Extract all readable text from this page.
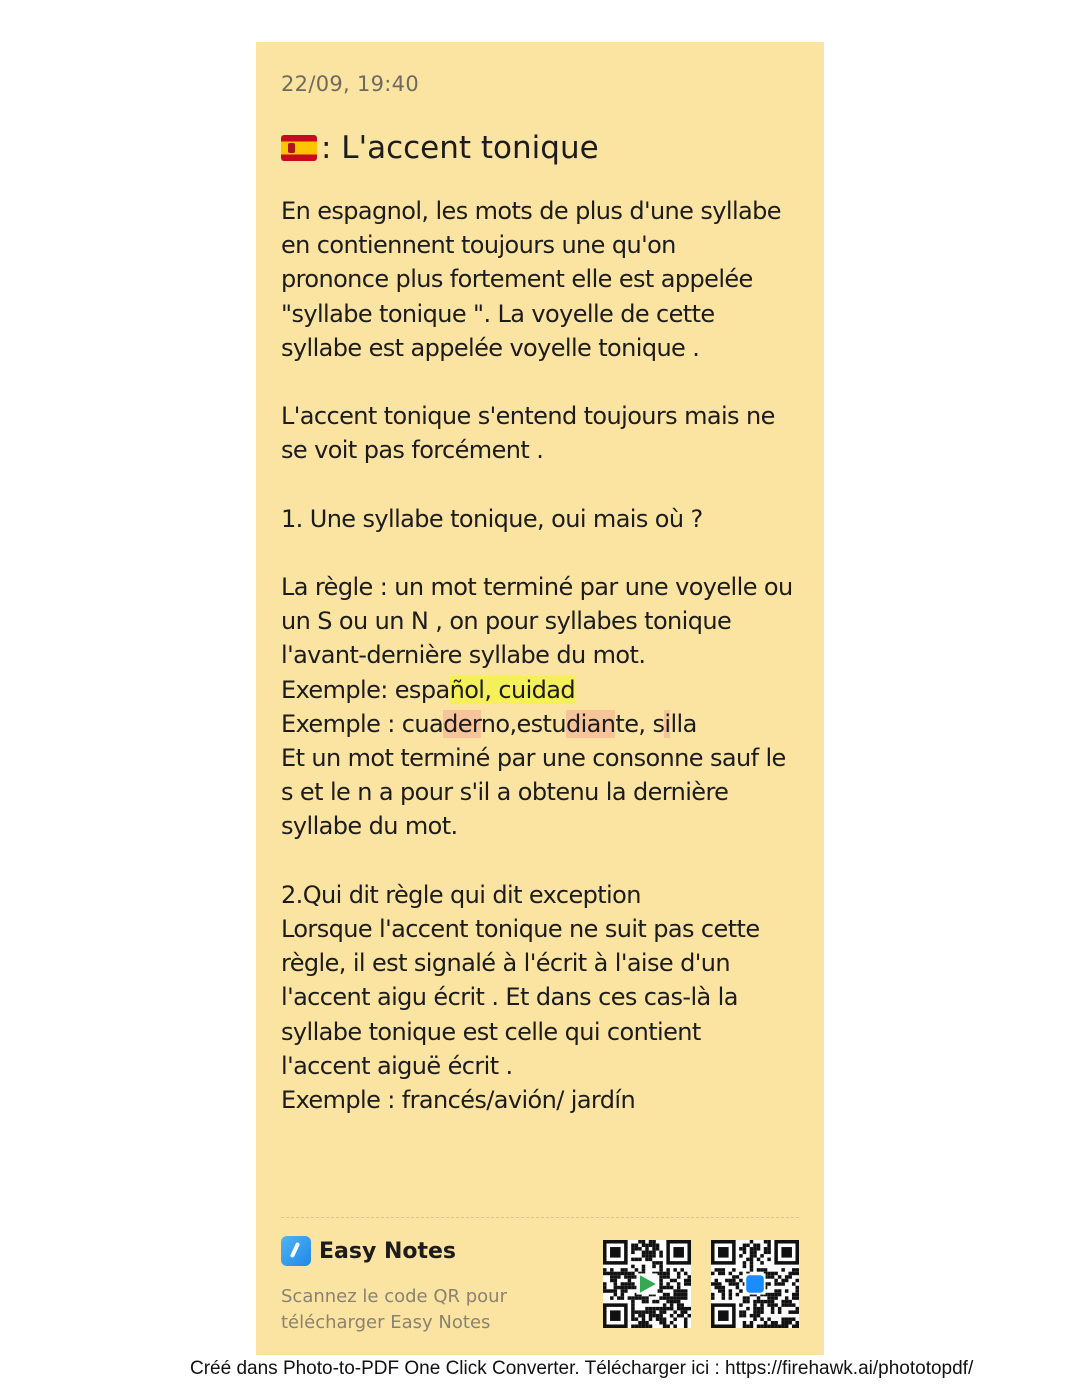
22/09, 19:40
: L'accent tonique
En espagnol, les mots de plus d'une syllabe
en contiennent toujours une qu'on
prononce plus fortement elle est appelée
"syllabe tonique ". La voyelle de cette
syllabe est appelée voyelle tonique .
L'accent tonique s'entend toujours mais ne
se voit pas forcément .
1. Une syllabe tonique, oui mais où ?
La règle : un mot terminé par une voyelle ou
un S ou un N , on pour syllabes tonique
l'avant-dernière syllabe du mot.
Exemple: español, cuidad
Exemple : cuaderno,estudiante, silla
Et un mot terminé par une consonne sauf le
s et le n a pour s'il a obtenu la dernière
syllabe du mot.
2.Qui dit règle qui dit exception
Lorsque l'accent tonique ne suit pas cette
règle, il est signalé à l'écrit à l'aise d'un
l'accent aigu écrit . Et dans ces cas-là la
syllabe tonique est celle qui contient
l'accent aiguë écrit .
Exemple : francés/avión/ jardín
Easy Notes
Scannez le code QR pour
télécharger Easy Notes
Créé dans Photo-to-PDF One Click Converter. Télécharger ici : https://firehawk.ai/phototopdf/
